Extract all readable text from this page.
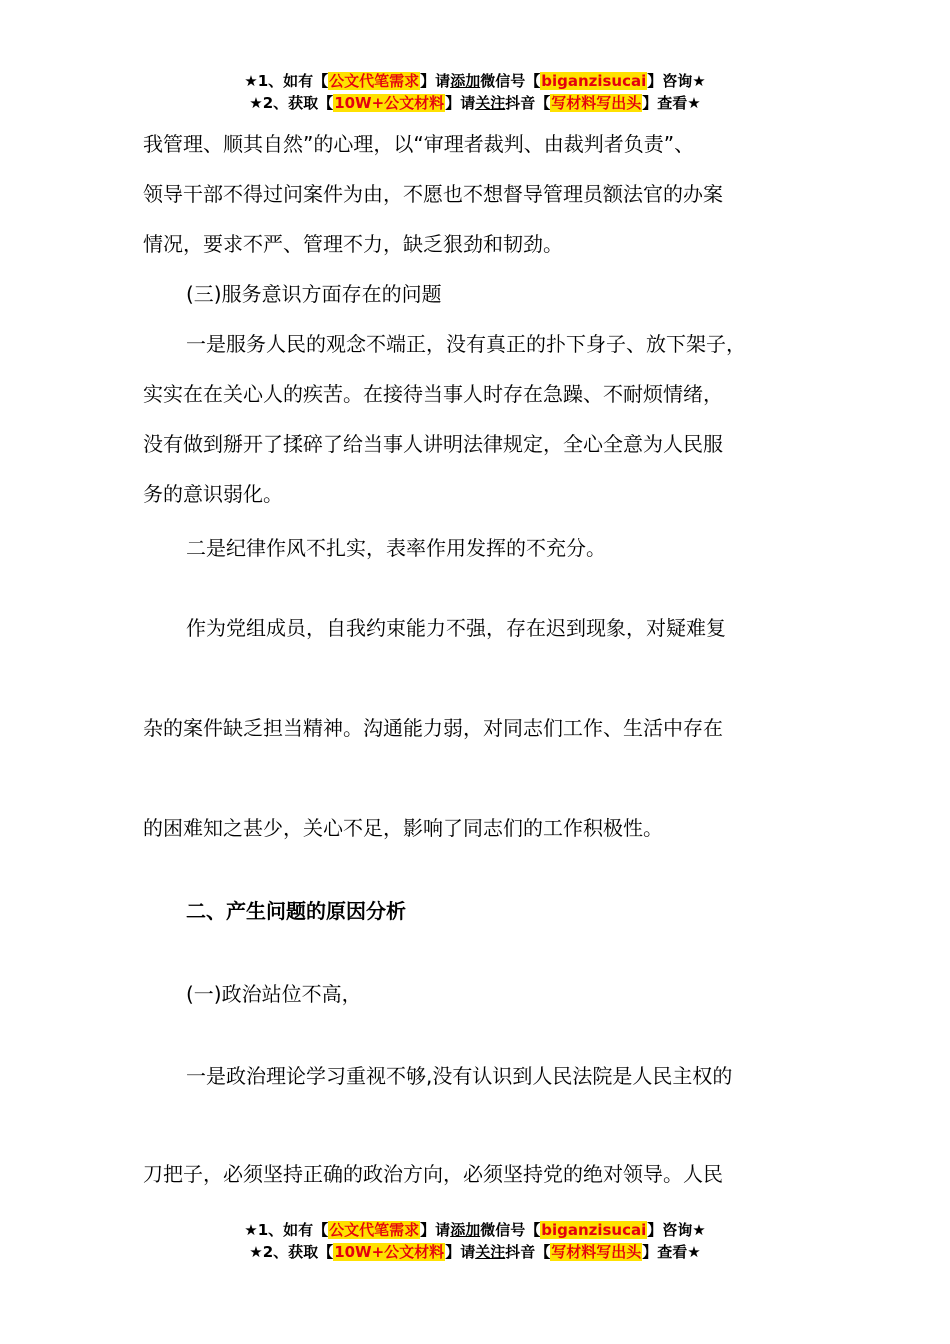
★1、如有【公文代笔需求】请添加微信号【biganzisucai】咨询★
★2、获取【10W+公文材料】请关注抖音【写材料写出头】查看★
我管理、顺其自然”的心理，以“审理者裁判、由裁判者负责”、
领导干部不得过问案件为由，不愿也不想督导管理员额法官的办案
情况，要求不严、管理不力，缺乏狠劲和韧劲。
(三)服务意识方面存在的问题
一是服务人民的观念不端正，没有真正的扑下身子、放下架子，
实实在在关心人的疾苦。在接待当事人时存在急躁、不耐烦情绪，
没有做到掰开了揉碎了给当事人讲明法律规定，全心全意为人民服
务的意识弱化。
二是纪律作风不扎实，表率作用发挥的不充分。
作为党组成员，自我约束能力不强，存在迟到现象，对疑难复
杂的案件缺乏担当精神。沟通能力弱，对同志们工作、生活中存在
的困难知之甚少，关心不足，影响了同志们的工作积极性。
二、产生问题的原因分析
(一)政治站位不高，
一是政治理论学习重视不够,没有认识到人民法院是人民主权的
刀把子，必须坚持正确的政治方向，必须坚持党的绝对领导。人民
★1、如有【公文代笔需求】请添加微信号【biganzisucai】咨询★
★2、获取【10W+公文材料】请关注抖音【写材料写出头】查看★
